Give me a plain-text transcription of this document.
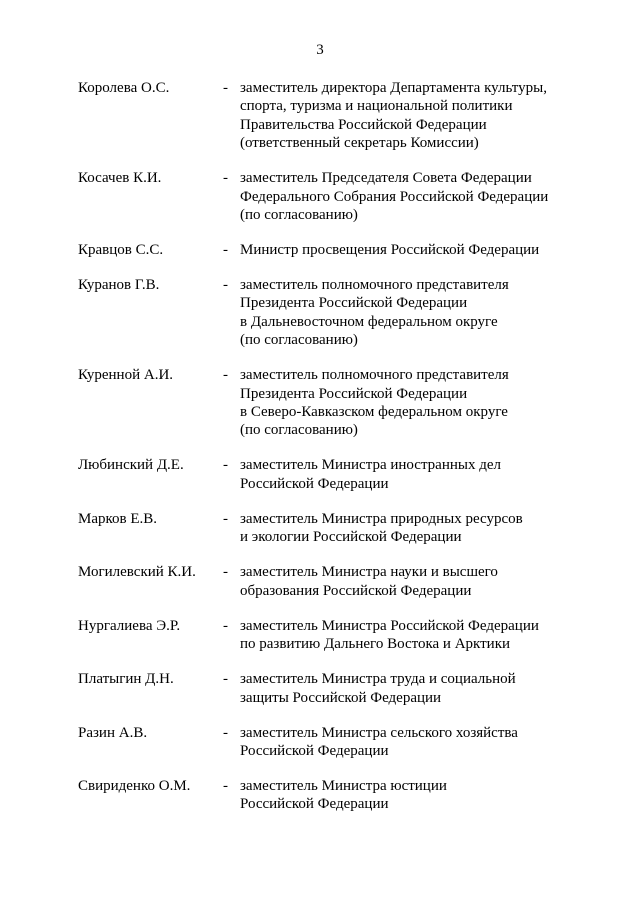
3
Королева О.С.	- заместитель директора Департамента культуры,
спорта, туризма и национальной политики
Правительства Российской Федерации
(ответственный секретарь Комиссии)
Косачев К.И.	- заместитель Председателя Совета Федерации
Федерального Собрания Российской Федерации
(по согласованию)
Кравцов С.С.	- Министр просвещения Российской Федерации
Куранов Г.В.	- заместитель полномочного представителя
Президента Российской Федерации
в Дальневосточном федеральном округе
(по согласованию)
Куренной А.И.	- заместитель полномочного представителя
Президента Российской Федерации
в Северо-Кавказском федеральном округе
(по согласованию)
Любинский Д.Е.	- заместитель Министра иностранных дел
Российской Федерации
Марков Е.В.	- заместитель Министра природных ресурсов
и экологии Российской Федерации
Могилевский К.И. - заместитель Министра науки и высшего
образования Российской Федерации
Нургалиева Э.Р.	- заместитель Министра Российской Федерации
по развитию Дальнего Востока и Арктики
Платыгин Д.Н.	- заместитель Министра труда и социальной
защиты Российской Федерации
Разин А.В.	- заместитель Министра сельского хозяйства
Российской Федерации
Свириденко О.М. - заместитель Министра юстиции
Российской Федерации
